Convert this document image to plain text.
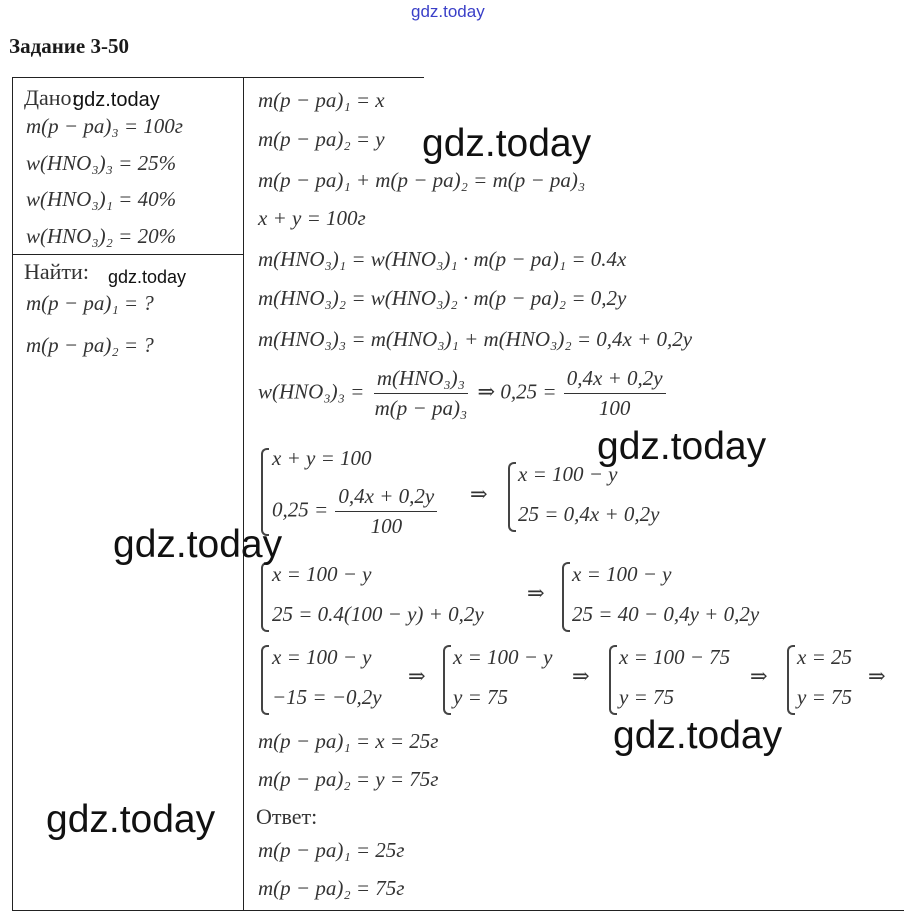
gdz.today
Задание 3-50
Дано:
m(p − pa)₃ = 100г
w(HNO₃)₃ = 25%
w(HNO₃)₁ = 40%
w(HNO₃)₂ = 20%
Найти:
m(p − pa)₁ = ?
m(p − pa)₂ = ?
m(p − pa)₁ = x
m(p − pa)₂ = y
m(p − pa)₁ + m(p − pa)₂ = m(p − pa)₃
x + y = 100г
m(HNO₃)₁ = w(HNO₃)₁ · m(p − pa)₁ = 0.4x
m(HNO₃)₂ = w(HNO₃)₂ · m(p − pa)₂ = 0,2y
m(HNO₃)₃ = m(HNO₃)₁ + m(HNO₃)₂ = 0,4x + 0,2y
$w(HNO_3)_3 = \frac{\text{m(HNO₃)₃}}{\text{m(p − pa)₃}}$ ⇒ $0,25 = \frac{0,4x + 0,2y}{100}$
x + y = 100
$0,25 = \frac{0,4x + 0,2y}{100}$ ⇒
x = 100 − y
25 = 0,4x + 0,2y
x = 100 − y
25 = 0.4(100 − y) + 0,2y
⇒
x = 100 − y
25 = 40 − 0,4y + 0,2y
x = 100 − y
−15 = −0,2y
⇒
x = 100 − y
y = 75
⇒
x = 100 − 75
y = 75
⇒
x = 25
y = 75
⇒
m(p − pa)₁ = x = 25г
m(p − pa)₂ = y = 75г
Ответ:
m(p − pa)₁ = 25г
m(p − pa)₂ = 75г
gdz.today
gdz.today
gdz.today
gdz.today
gdz.today
gdz.today
gdz.today
